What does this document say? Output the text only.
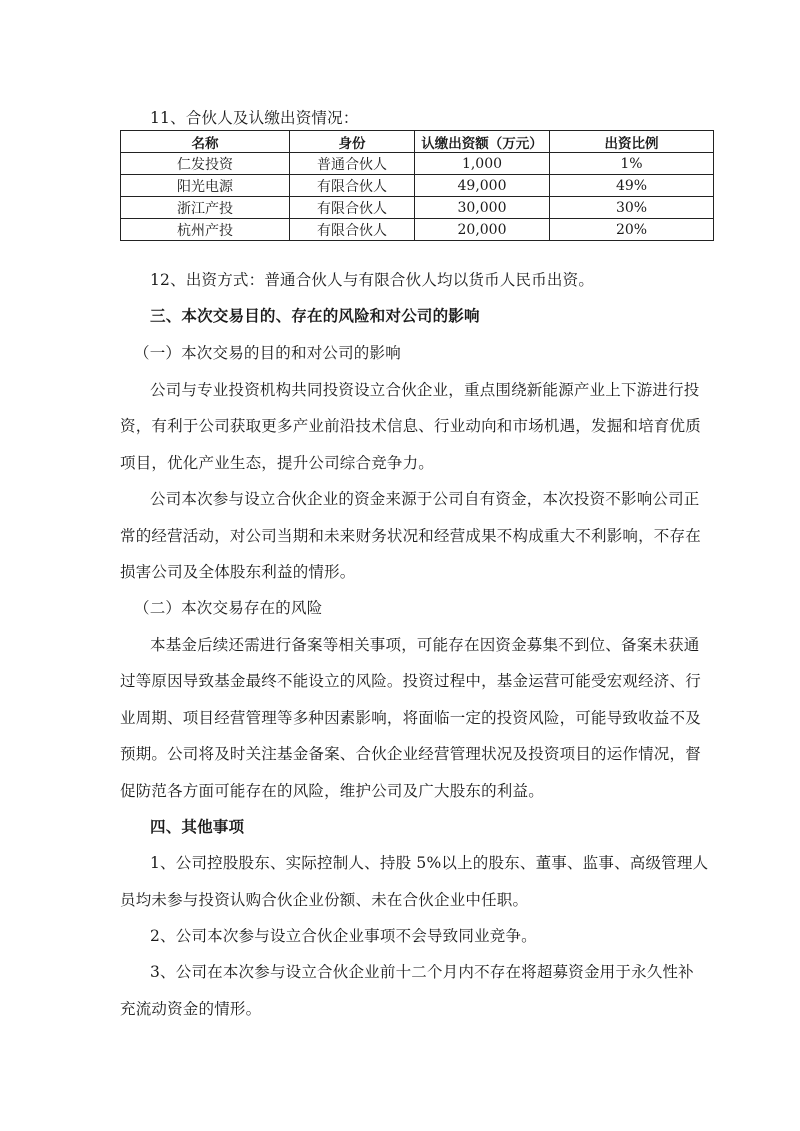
11、合伙人及认缴出资情况：
名称	身份	认缴出资额（万元）	出资比例
仁发投资	普通合伙人	1,000	1%
阳光电源	有限合伙人	49,000	49%
浙江产投	有限合伙人	30,000	30%
杭州产投	有限合伙人	20,000	20%
12、出资方式：普通合伙人与有限合伙人均以货币人民币出资。
三、本次交易目的、存在的风险和对公司的影响
（一）本次交易的目的和对公司的影响
公司与专业投资机构共同投资设立合伙企业，重点围绕新能源产业上下游进行投
资，有利于公司获取更多产业前沿技术信息、行业动向和市场机遇，发掘和培育优质
项目，优化产业生态，提升公司综合竞争力。
公司本次参与设立合伙企业的资金来源于公司自有资金，本次投资不影响公司正
常的经营活动，对公司当期和未来财务状况和经营成果不构成重大不利影响，不存在
损害公司及全体股东利益的情形。
（二）本次交易存在的风险
本基金后续还需进行备案等相关事项，可能存在因资金募集不到位、备案未获通
过等原因导致基金最终不能设立的风险。投资过程中，基金运营可能受宏观经济、行
业周期、项目经营管理等多种因素影响，将面临一定的投资风险，可能导致收益不及
预期。公司将及时关注基金备案、合伙企业经营管理状况及投资项目的运作情况，督
促防范各方面可能存在的风险，维护公司及广大股东的利益。
四、其他事项
1、公司控股股东、实际控制人、持股 5%以上的股东、董事、监事、高级管理人
员均未参与投资认购合伙企业份额、未在合伙企业中任职。
2、公司本次参与设立合伙企业事项不会导致同业竞争。
3、公司在本次参与设立合伙企业前十二个月内不存在将超募资金用于永久性补
充流动资金的情形。
